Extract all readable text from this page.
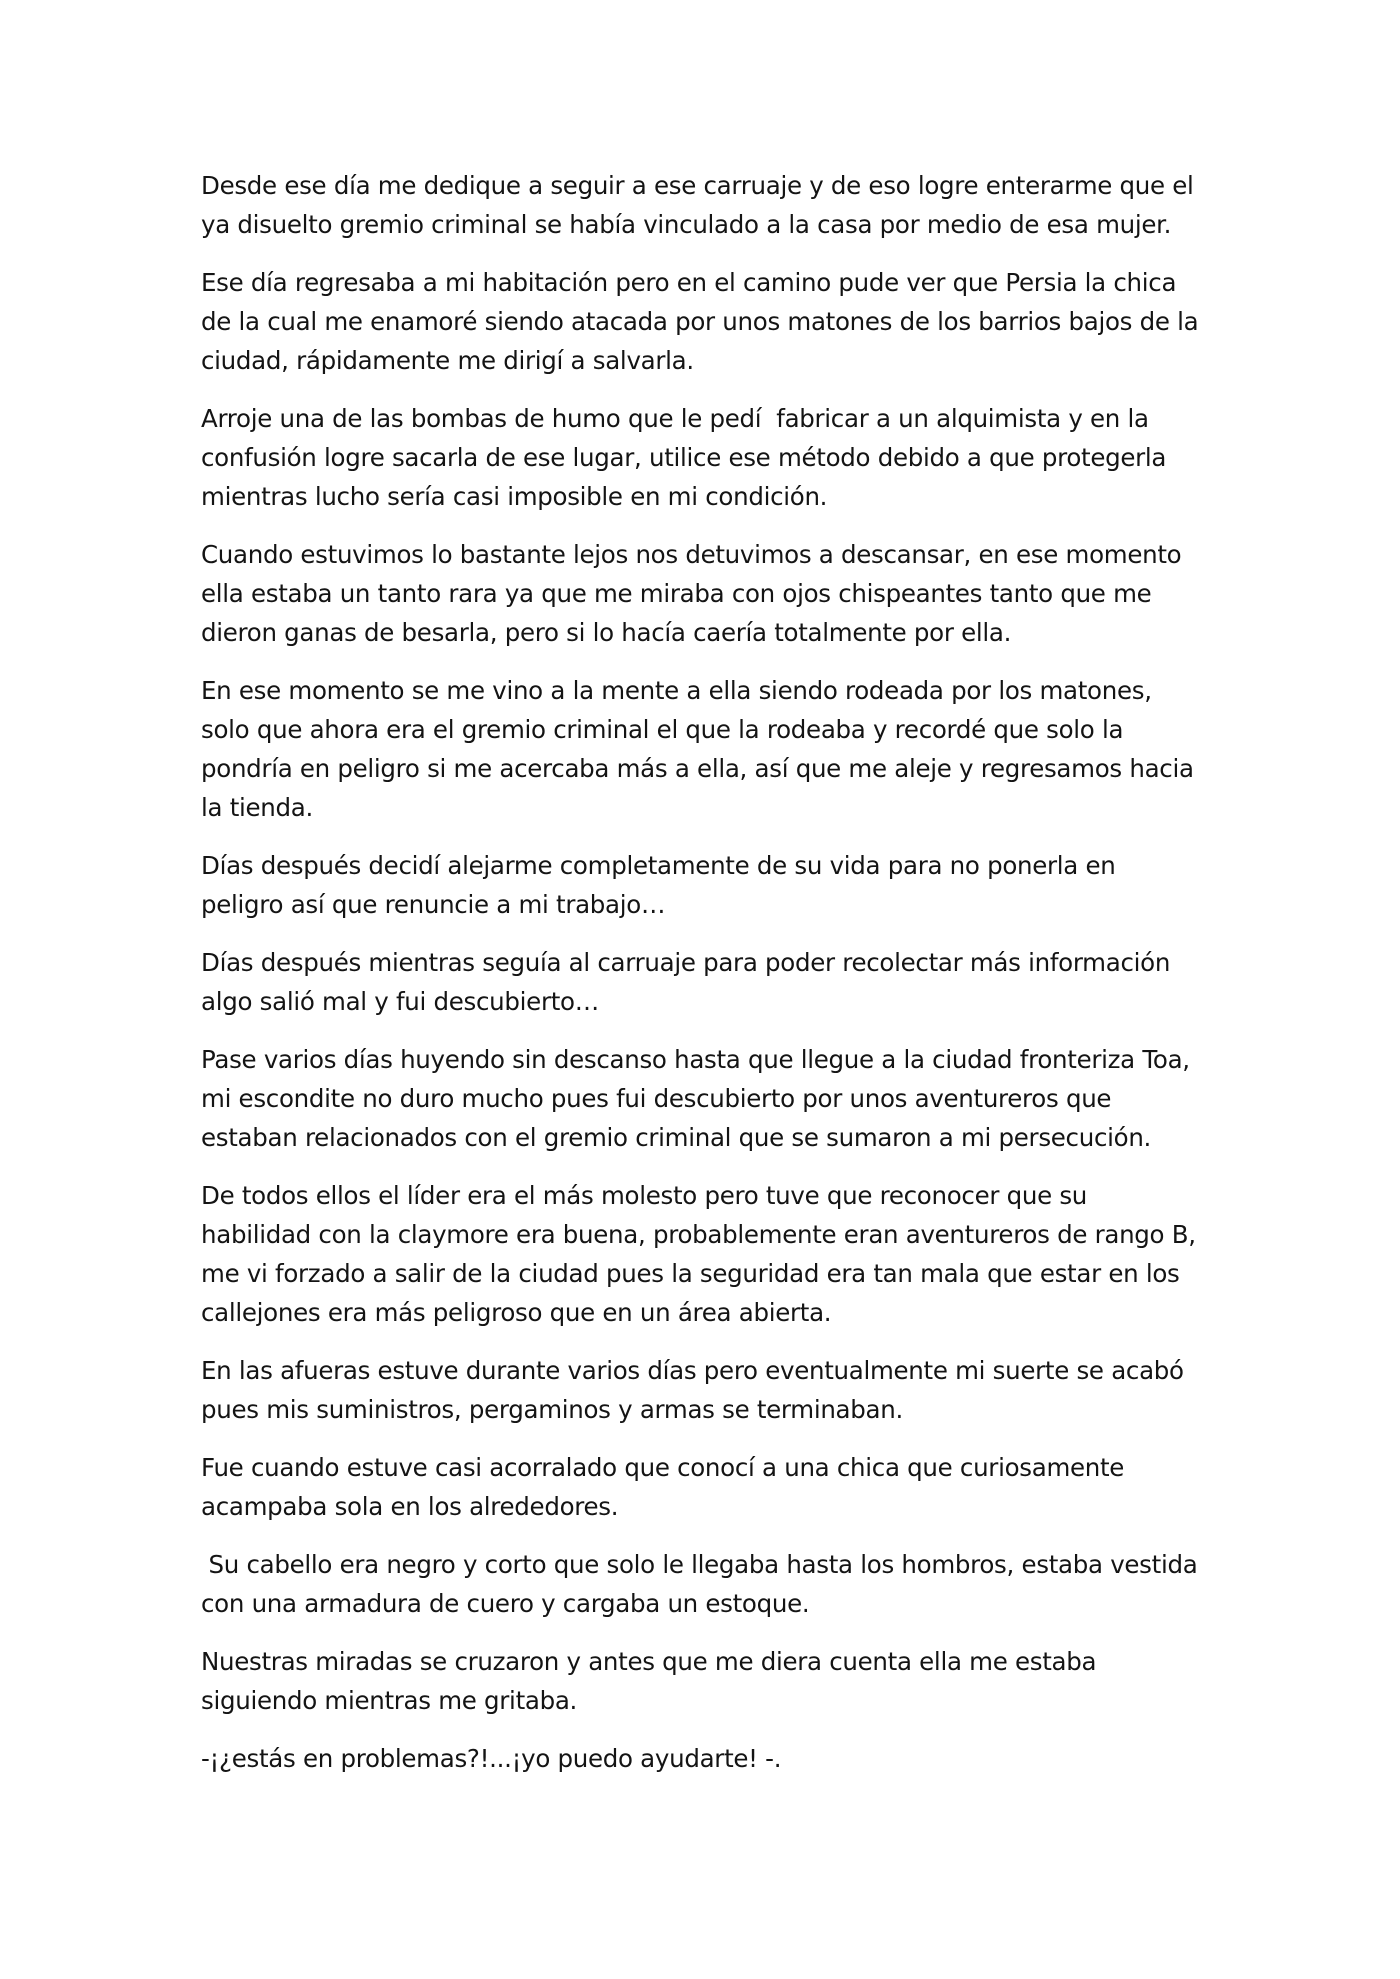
Desde ese día me dedique a seguir a ese carruaje y de eso logre enterarme que el ya disuelto gremio criminal se había vinculado a la casa por medio de esa mujer.

Ese día regresaba a mi habitación pero en el camino pude ver que Persia la chica de la cual me enamoré siendo atacada por unos matones de los barrios bajos de la ciudad, rápidamente me dirigí a salvarla.

Arroje una de las bombas de humo que le pedí  fabricar a un alquimista y en la confusión logre sacarla de ese lugar, utilice ese método debido a que protegerla mientras lucho sería casi imposible en mi condición.

Cuando estuvimos lo bastante lejos nos detuvimos a descansar, en ese momento ella estaba un tanto rara ya que me miraba con ojos chispeantes tanto que me dieron ganas de besarla, pero si lo hacía caería totalmente por ella.

En ese momento se me vino a la mente a ella siendo rodeada por los matones, solo que ahora era el gremio criminal el que la rodeaba y recordé que solo la pondría en peligro si me acercaba más a ella, así que me aleje y regresamos hacia la tienda.

Días después decidí alejarme completamente de su vida para no ponerla en peligro así que renuncie a mi trabajo…

Días después mientras seguía al carruaje para poder recolectar más información algo salió mal y fui descubierto…

Pase varios días huyendo sin descanso hasta que llegue a la ciudad fronteriza Toa, mi escondite no duro mucho pues fui descubierto por unos aventureros que estaban relacionados con el gremio criminal que se sumaron a mi persecución.

De todos ellos el líder era el más molesto pero tuve que reconocer que su habilidad con la claymore era buena, probablemente eran aventureros de rango B,  me vi forzado a salir de la ciudad pues la seguridad era tan mala que estar en los callejones era más peligroso que en un área abierta.

En las afueras estuve durante varios días pero eventualmente mi suerte se acabó pues mis suministros, pergaminos y armas se terminaban.

Fue cuando estuve casi acorralado que conocí a una chica que curiosamente acampaba sola en los alrededores.

Su cabello era negro y corto que solo le llegaba hasta los hombros, estaba vestida con una armadura de cuero y cargaba un estoque.

Nuestras miradas se cruzaron y antes que me diera cuenta ella me estaba siguiendo mientras me gritaba.

-¡¿estás en problemas?!...¡yo puedo ayudarte! -.
